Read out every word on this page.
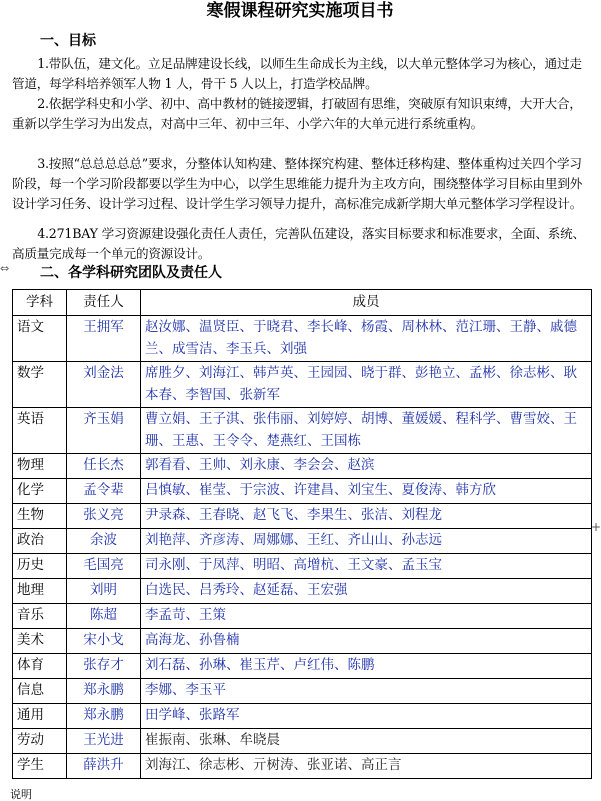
寒假课程研究实施项目书
一、目标
1.带队伍，建文化。立足品牌建设长线，以师生生命成长为主线，以大单元整体学习为核心，通过走管道，每学科培养领军人物 1 人，骨干 5 人以上，打造学校品牌。
2.依据学科史和小学、初中、高中教材的链接逻辑，打破固有思维，突破原有知识束缚，大开大合，重新以学生学习为出发点，对高中三年、初中三年、小学六年的大单元进行系统重构。
3.按照“总总总总总”要求，分整体认知构建、整体探究构建、整体迁移构建、整体重构过关四个学习阶段，每一个学习阶段都要以学生为中心，以学生思维能力提升为主攻方向，围绕整体学习目标由里到外设计学习任务、设计学习过程、设计学生学习领导力提升，高标准完成新学期大单元整体学习学程设计。
4.271BAY 学习资源建设强化责任人责任，完善队伍建设，落实目标要求和标准要求，全面、系统、高质量完成每一个单元的资源设计。
二、各学科研究团队及责任人
⇔
学科	责任人	成员
语文	王拥军	赵汝娜、温贤臣、于晓君、李长峰、杨霞、周林林、范江珊、王静、戚德兰、成雪洁、李玉兵、刘强
数学	刘金法	席胜夕、刘海江、韩芦英、王园园、晓于群、彭艳立、孟彬、徐志彬、耿本春、李智国、张新军
英语	齐玉娟	曹立娟、王子淇、张伟丽、刘婷婷、胡博、董媛媛、程科学、曹雪姣、王珊、王惠、王令令、楚燕红、王国栋
物理	任长杰	郭看看、王帅、刘永康、李会会、赵滨
化学	孟令辈	吕慎敏、崔莹、于宗波、许建昌、刘宝生、夏俊涛、韩方欣
生物	张义亮	尹录森、王春晓、赵飞飞、李果生、张洁、刘程龙
政治	余波	刘艳萍、齐彦涛、周娜娜、王红、齐山山、孙志远
历史	毛国亮	司永刚、于凤萍、明昭、高增杭、王文豪、孟玉宝
地理	刘明	白选民、吕秀玲、赵延磊、王宏强
音乐	陈超	李孟苛、王策
美术	宋小戈	高海龙、孙鲁楠
体育	张存才	刘石磊、孙琳、崔玉芹、卢红伟、陈鹏
信息	郑永鹏	李娜、李玉平
通用	郑永鹏	田学峰、张路军
劳动	王光进	崔振南、张琳、牟晓晨
学生	薛洪升	刘海江、徐志彬、亓树涛、张亚诺、高正言
+
说明
